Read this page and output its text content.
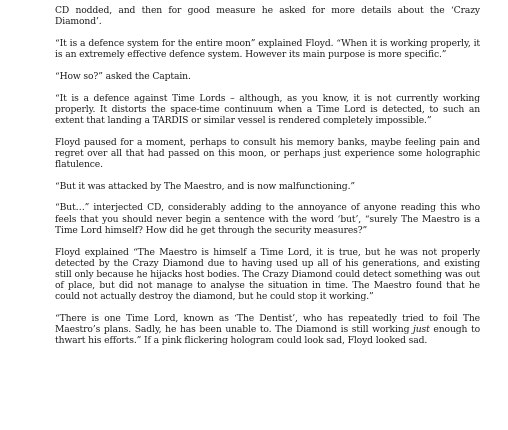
CD nodded, and then for good measure he asked for more details about the ‘Crazy Diamond’.

“It is a defence system for the entire moon” explained Floyd. “When it is working properly, it is an extremely effective defence system. However its main purpose is more specific.”

“How so?” asked the Captain.

“It is a defence against Time Lords – although, as you know, it is not currently working properly. It distorts the space-time continuum when a Time Lord is detected, to such an extent that landing a TARDIS or similar vessel is rendered completely impossible.”

Floyd paused for a moment, perhaps to consult his memory banks, maybe feeling pain and regret over all that had passed on this moon, or perhaps just experience some holographic flatulence.

“But it was attacked by The Maestro, and is now malfunctioning.”

“But…” interjected CD, considerably adding to the annoyance of anyone reading this who feels that you should never begin a sentence with the word ‘but’, “surely The Maestro is a Time Lord himself? How did he get through the security measures?”

Floyd explained “The Maestro is himself a Time Lord, it is true, but he was not properly detected by the Crazy Diamond due to having used up all of his generations, and existing still only because he hijacks host bodies. The Crazy Diamond could detect something was out of place, but did not manage to analyse the situation in time. The Maestro found that he could not actually destroy the diamond, but he could stop it working.”

“There is one Time Lord, known as ‘The Dentist’, who has repeatedly tried to foil The Maestro’s plans. Sadly, he has been unable to. The Diamond is still working just enough to thwart his efforts.” If a pink flickering hologram could look sad, Floyd looked sad.
